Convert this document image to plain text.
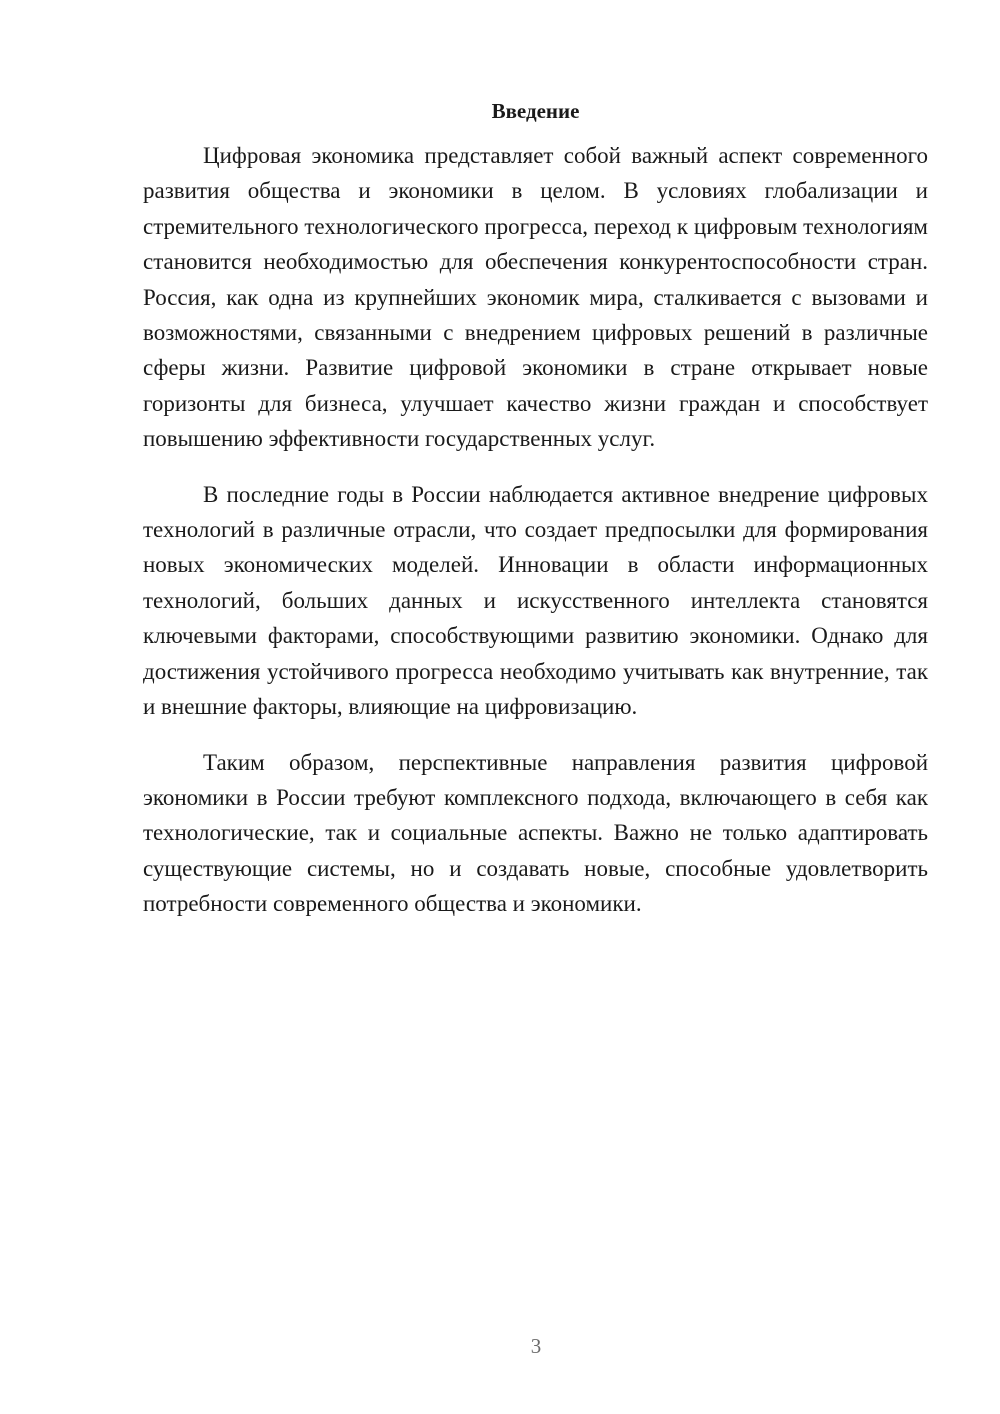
Введение

Цифровая экономика представляет собой важный аспект современного развития общества и экономики в целом. В условиях глобализации и стремительного технологического прогресса, переход к цифровым технологиям становится необходимостью для обеспечения конкурентоспособности стран. Россия, как одна из крупнейших экономик мира, сталкивается с вызовами и возможностями, связанными с внедрением цифровых решений в различные сферы жизни. Развитие цифровой экономики в стране открывает новые горизонты для бизнеса, улучшает качество жизни граждан и способствует повышению эффективности государственных услуг.

В последние годы в России наблюдается активное внедрение цифровых технологий в различные отрасли, что создает предпосылки для формирования новых экономических моделей. Инновации в области информационных технологий, больших данных и искусственного интеллекта становятся ключевыми факторами, способствующими развитию экономики. Однако для достижения устойчивого прогресса необходимо учитывать как внутренние, так и внешние факторы, влияющие на цифровизацию.

Таким образом, перспективные направления развития цифровой экономики в России требуют комплексного подхода, включающего в себя как технологические, так и социальные аспекты. Важно не только адаптировать существующие системы, но и создавать новые, способные удовлетворить потребности современного общества и экономики.

3
